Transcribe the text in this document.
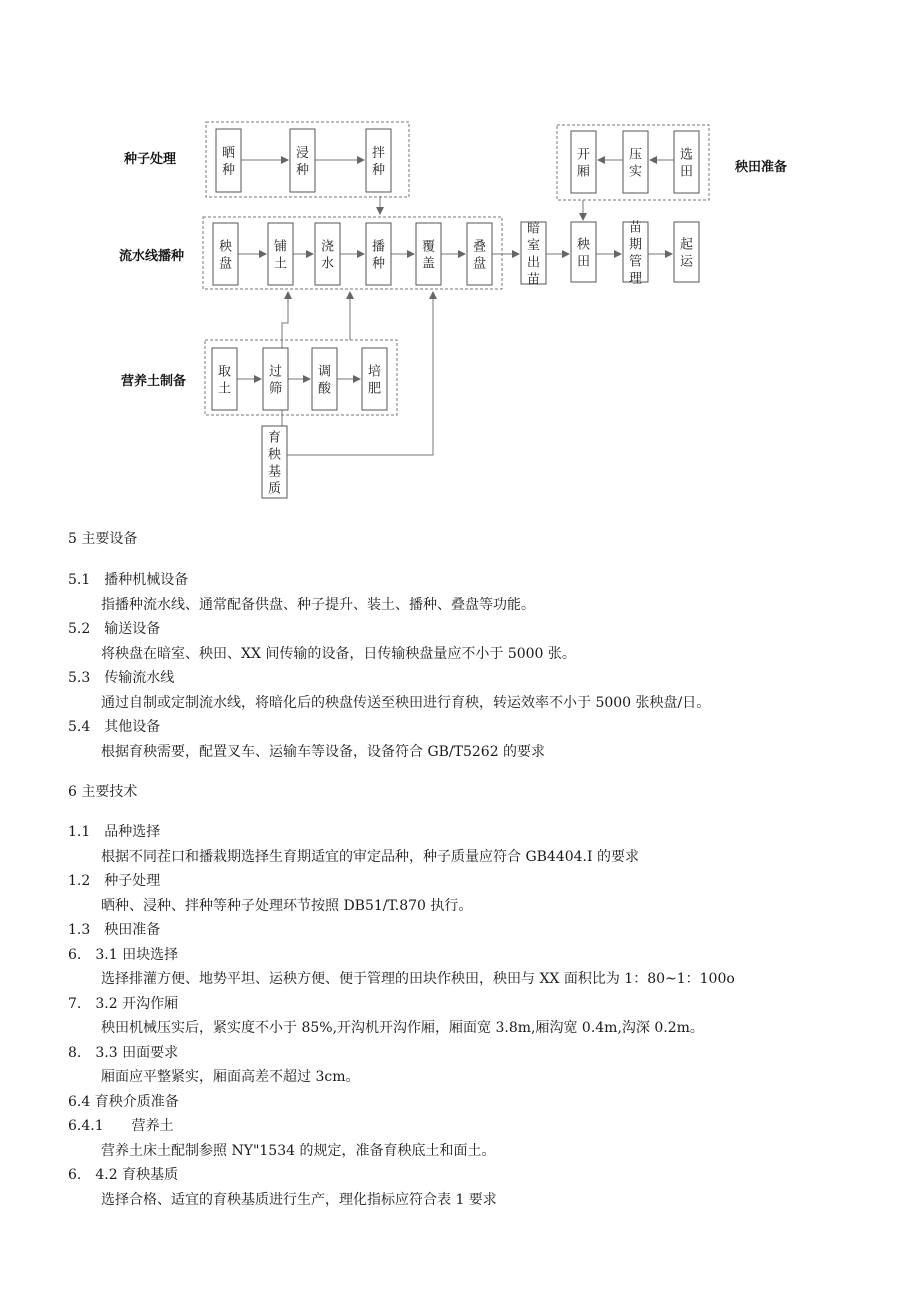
晒种
浸种
拌种
秧盘
铺土
浇水
播种
覆盖
叠盘
暗室出苗
秧田
苗期管理
起运
开厢
压实
选田
取土
过筛
调酸
培肥
育秧基质
种子处理
流水线播种
营养土制备
秧田准备
5 主要设备
5.1　播种机械设备
指播种流水线、通常配备供盘、种子提升、装土、播种、叠盘等功能。
5.2　输送设备
将秧盘在暗室、秧田、XX 间传输的设备，日传输秧盘量应不小于 5000 张。
5.3　传输流水线
通过自制或定制流水线，将暗化后的秧盘传送至秧田进行育秧，转运效率不小于 5000 张秧盘/日。
5.4　其他设备
根据育秧需要，配置叉车、运输车等设备，设备符合 GB/T5262 的要求
6 主要技术
1.1　品种选择
根据不同茬口和播栽期选择生育期适宜的审定品种，种子质量应符合 GB4404.I 的要求
1.2　种子处理
晒种、浸种、拌种等种子处理环节按照 DB51/T.870 执行。
1.3　秧田准备
6.　3.1 田块选择
选择排灌方便、地势平坦、运秧方便、便于管理的田块作秧田，秧田与 XX 面积比为 1：80~1：100o
7.　3.2 开沟作厢
秧田机械压实后，紧实度不小于 85%,开沟机开沟作厢，厢面宽 3.8m,厢沟宽 0.4m,沟深 0.2m。
8.　3.3 田面要求
厢面应平整紧实，厢面高差不超过 3cm。
6.4 育秧介质准备
6.4.1　　营养土
营养土床土配制参照 NY"1534 的规定，准备育秧底土和面土。
6.　4.2 育秧基质
选择合格、适宜的育秧基质进行生产，理化指标应符合表 1 要求
